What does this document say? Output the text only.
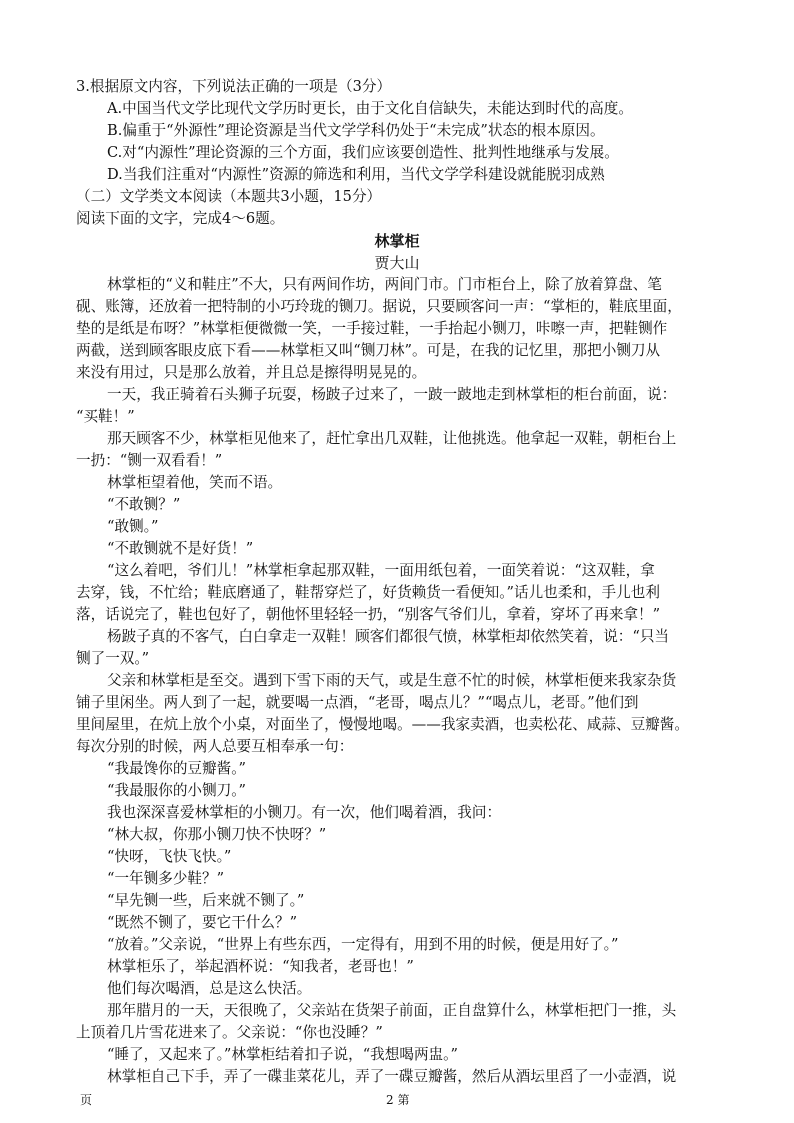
3.根据原文内容，下列说法正确的一项是（3分）
A.中国当代文学比现代文学历时更长，由于文化自信缺失，未能达到时代的高度。
B.偏重于“外源性”理论资源是当代文学学科仍处于“未完成”状态的根本原因。
C.对“内源性”理论资源的三个方面，我们应该要创造性、批判性地继承与发展。
D.当我们注重对“内源性”资源的筛选和利用，当代文学学科建设就能脱羽成熟
（二）文学类文本阅读（本题共3小题，15分）
阅读下面的文字，完成4～6题。
林掌柜
贾大山
林掌柜的“义和鞋庄”不大，只有两间作坊，两间门市。门市柜台上，除了放着算盘、笔
砚、账簿，还放着一把特制的小巧玲珑的铡刀。据说，只要顾客问一声：“掌柜的，鞋底里面，
垫的是纸是布呀？”林掌柜便微微一笑，一手接过鞋，一手抬起小铡刀，咔嚓一声，把鞋铡作
两截，送到顾客眼皮底下看——林掌柜又叫“铡刀林”。可是，在我的记忆里，那把小铡刀从
来没有用过，只是那么放着，并且总是擦得明晃晃的。
一天，我正骑着石头狮子玩耍，杨跛子过来了，一跛一跛地走到林掌柜的柜台前面，说：
“买鞋！”
那天顾客不少，林掌柜见他来了，赶忙拿出几双鞋，让他挑选。他拿起一双鞋，朝柜台上
一扔：“铡一双看看！”
林掌柜望着他，笑而不语。
“不敢铡？”
“敢铡。”
“不敢铡就不是好货！”
“这么着吧，爷们儿！”林掌柜拿起那双鞋，一面用纸包着，一面笑着说：“这双鞋，拿
去穿，钱，不忙给；鞋底磨通了，鞋帮穿烂了，好货赖货一看便知。”话儿也柔和，手儿也利
落，话说完了，鞋也包好了，朝他怀里轻轻一扔，“别客气爷们儿，拿着，穿坏了再来拿！”
杨跛子真的不客气，白白拿走一双鞋！顾客们都很气愤，林掌柜却依然笑着，说：“只当
铡了一双。”
父亲和林掌柜是至交。遇到下雪下雨的天气，或是生意不忙的时候，林掌柜便来我家杂货
铺子里闲坐。两人到了一起，就要喝一点酒，“老哥，喝点儿？”“喝点儿，老哥。”他们到
里间屋里，在炕上放个小桌，对面坐了，慢慢地喝。——我家卖酒，也卖松花、咸蒜、豆瓣酱。
每次分别的时候，两人总要互相奉承一句：
“我最馋你的豆瓣酱。”
“我最服你的小铡刀。”
我也深深喜爱林掌柜的小铡刀。有一次，他们喝着酒，我问：
“林大叔，你那小铡刀快不快呀？”
“快呀，飞快飞快。”
“一年铡多少鞋？”
“早先铡一些，后来就不铡了。”
“既然不铡了，要它干什么？”
“放着。”父亲说，“世界上有些东西，一定得有，用到不用的时候，便是用好了。”
林掌柜乐了，举起酒杯说：“知我者，老哥也！”
他们每次喝酒，总是这么快活。
那年腊月的一天，天很晚了，父亲站在货架子前面，正自盘算什么，林掌柜把门一推，头
上顶着几片雪花进来了。父亲说：“你也没睡？”
“睡了，又起来了。”林掌柜结着扣子说，“我想喝两盅。”
林掌柜自己下手，弄了一碟韭菜花儿，弄了一碟豆瓣酱，然后从酒坛里舀了一小壶酒，说
页	2 第
